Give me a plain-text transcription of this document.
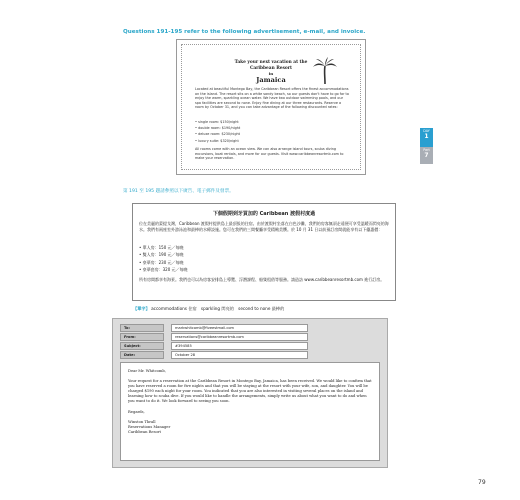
Questions 191-195 refer to the following advertisement, e-mail, and invoice.
Take your next vacation at the
Caribbean Resort
in
Jamaica
Located at beautiful Montego Bay, the Caribbean Resort offers the finest accommodations on the island. The resort sits on a white sandy beach, so our guests don't have to go far to enjoy the warm, sparkling ocean water. We have two outdoor swimming pools, and our spa facilities are second to none. Enjoy fine dining at our three restaurants. Reserve a room by October 31, and you can take advantage of the following discounted rates:
• single room: $150/night
• double room: $190/night
• deluxe room: $230/night
• luxury suite: $320/night
All rooms come with an ocean view. We can also arrange island tours, scuba diving excursions, boat rentals, and more for our guests. Visit www.caribbeanresortmb.com to make your reservation.
DAY
1
Part
7
第 191 至 195 題請參照以下廣告、電子郵件及發票。
下個假期到牙買加的 Caribbean 渡假村度過
位在美麗的蒙提戈灣，Caribbean 渡假村提供島上最頂級的住宿。由於渡假村坐落在白色沙灘，我們的房客無須走遠便可享受溫暖而閃亮的海水。我們有兩座室外游泳池和最棒的水療設施。您可在我們的三間餐廳享受精緻美饌。於 10 月 31 日以前預訂房間就能享有以下優惠價：
• 單人房：150 元／每晚
• 雙人房：190 元／每晚
• 豪華房：230 元／每晚
• 豪華套房：320 元／每晚
所有房間都享有海景。我們也可以為房客安排島上導覽、浮潛課程、船隻租借等服務。請造訪 www.caribbeanresortmb.com 進行訂房。
【單字】 accommodations 住宿　sparkling 閃亮的　second to none 最棒的
To:	markwhitcomb@fiveestmail.com
From:	reservations@caribbeanresortmb.com
Subject:	#394585
Date:	October 28

Dear Mr. Whitcomb,

Your request for a reservation at the Caribbean Resort in Montego Bay, Jamaica, has been received. We would like to confirm that you have reserved a room for five nights and that you will be staying at the resort with your wife, son, and daughter. You will be charged $190 each night for your room. You indicated that you are also interested in visiting several places on the island and learning how to scuba dive. If you would like to handle the arrangements, simply write us about what you want to do and when you want to do it. We look forward to seeing you soon.

Regards,

Winston Thrall

Reservations Manager

Caribbean Resort

79
